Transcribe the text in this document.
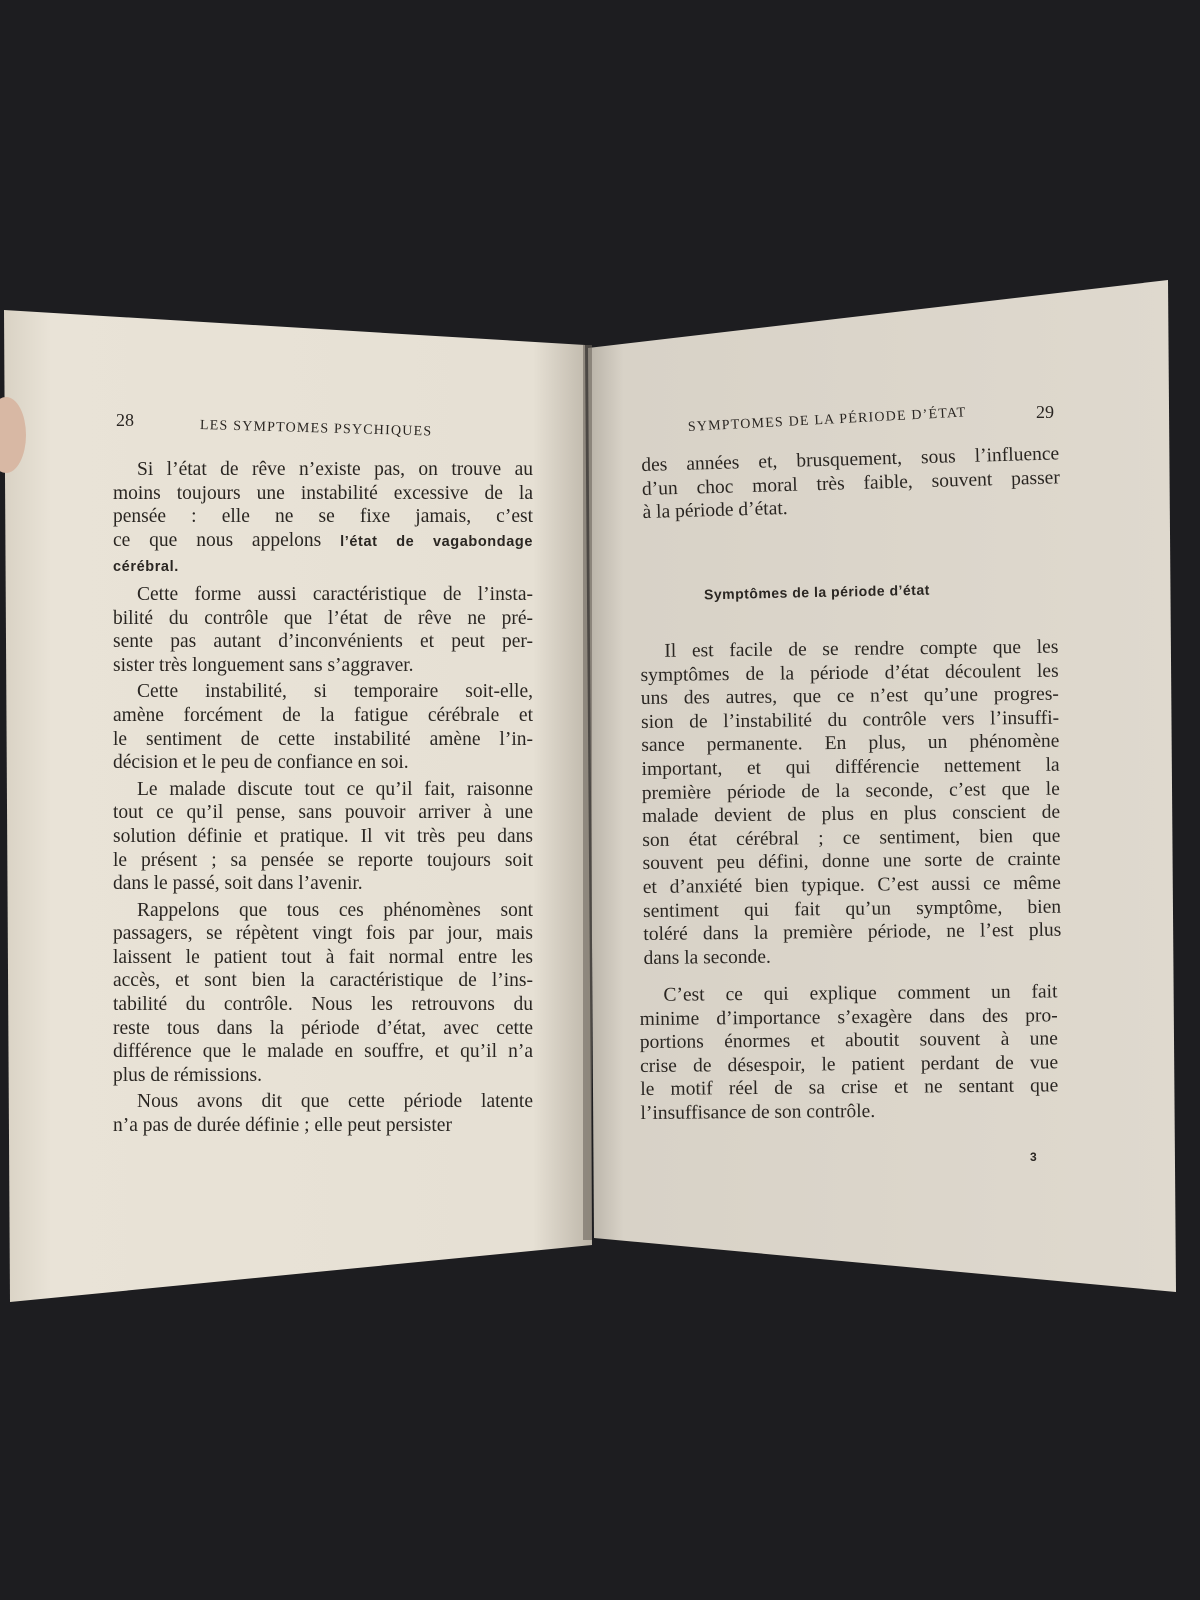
28	LES SYMPTOMES PSYCHIQUES
Si l’état de rêve n’existe pas, on trouve au
moins toujours une instabilité excessive de la
pensée : elle ne se fixe jamais, c’est
ce que nous appelons l’état de vagabondage
cérébral.
Cette forme aussi caractéristique de l’insta-
bilité du contrôle que l’état de rêve ne pré-
sente pas autant d’inconvénients et peut per-
sister très longuement sans s’aggraver.
Cette instabilité, si temporaire soit-elle,
amène forcément de la fatigue cérébrale et
le sentiment de cette instabilité amène l’in-
décision et le peu de confiance en soi.
Le malade discute tout ce qu’il fait, raisonne
tout ce qu’il pense, sans pouvoir arriver à une
solution définie et pratique. Il vit très peu dans
le présent ; sa pensée se reporte toujours soit
dans le passé, soit dans l’avenir.
Rappelons que tous ces phénomènes sont
passagers, se répètent vingt fois par jour, mais
laissent le patient tout à fait normal entre les
accès, et sont bien la caractéristique de l’ins-
tabilité du contrôle. Nous les retrouvons du
reste tous dans la période d’état, avec cette
différence que le malade en souffre, et qu’il n’a
plus de rémissions.
Nous avons dit que cette période latente
n’a pas de durée définie ; elle peut persister
SYMPTOMES DE LA PÉRIODE D’ÉTAT	29
des années et, brusquement, sous l’influence
d’un choc moral très faible, souvent passer
à la période d’état.
Symptômes de la période d’état
Il est facile de se rendre compte que les
symptômes de la période d’état découlent les
uns des autres, que ce n’est qu’une progres-
sion de l’instabilité du contrôle vers l’insuffi-
sance permanente. En plus, un phénomène
important, et qui différencie nettement la
première période de la seconde, c’est que le
malade devient de plus en plus conscient de
son état cérébral ; ce sentiment, bien que
souvent peu défini, donne une sorte de crainte
et d’anxiété bien typique. C’est aussi ce même
sentiment qui fait qu’un symptôme, bien
toléré dans la première période, ne l’est plus
dans la seconde.
C’est ce qui explique comment un fait
minime d’importance s’exagère dans des pro-
portions énormes et aboutit souvent à une
crise de désespoir, le patient perdant de vue
le motif réel de sa crise et ne sentant que
l’insuffisance de son contrôle.
3
